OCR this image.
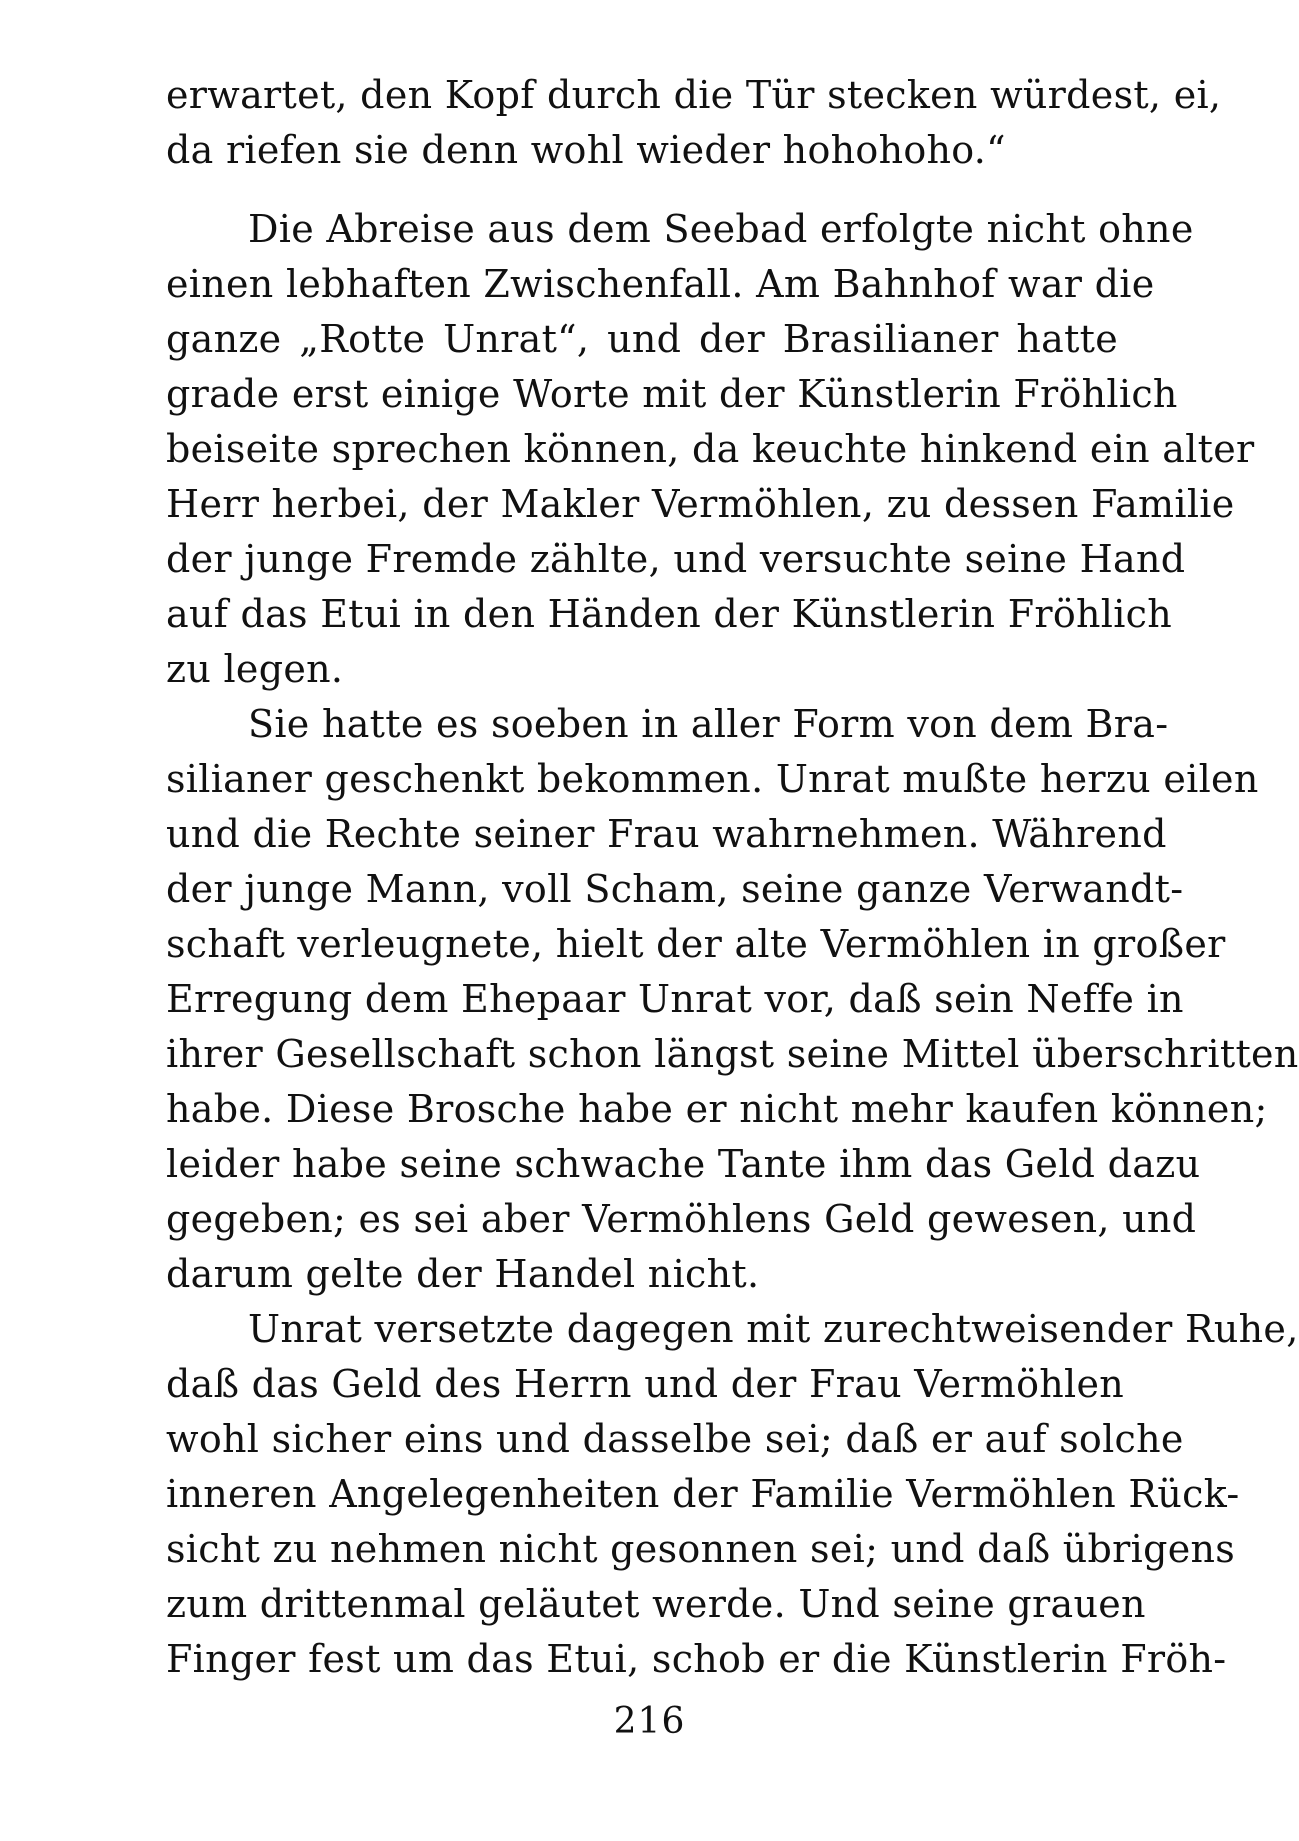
erwartet, den Kopf durch die Tür stecken würdest, ei,
da riefen sie denn wohl wieder hohohoho.“
Die Abreise aus dem Seebad erfolgte nicht ohne
einen lebhaften Zwischenfall. Am Bahnhof war die
ganze „Rotte Unrat“, und der Brasilianer hatte
grade erst einige Worte mit der Künstlerin Fröhlich
beiseite sprechen können, da keuchte hinkend ein alter
Herr herbei, der Makler Vermöhlen, zu dessen Familie
der junge Fremde zählte, und versuchte seine Hand
auf das Etui in den Händen der Künstlerin Fröhlich
zu legen.
Sie hatte es soeben in aller Form von dem Bra-
silianer geschenkt bekommen. Unrat mußte herzu eilen
und die Rechte seiner Frau wahrnehmen. Während
der junge Mann, voll Scham, seine ganze Verwandt-
schaft verleugnete, hielt der alte Vermöhlen in großer
Erregung dem Ehepaar Unrat vor, daß sein Neffe in
ihrer Gesellschaft schon längst seine Mittel überschritten
habe. Diese Brosche habe er nicht mehr kaufen können;
leider habe seine schwache Tante ihm das Geld dazu
gegeben; es sei aber Vermöhlens Geld gewesen, und
darum gelte der Handel nicht.
Unrat versetzte dagegen mit zurechtweisender Ruhe,
daß das Geld des Herrn und der Frau Vermöhlen
wohl sicher eins und dasselbe sei; daß er auf solche
inneren Angelegenheiten der Familie Vermöhlen Rück-
sicht zu nehmen nicht gesonnen sei; und daß übrigens
zum drittenmal geläutet werde. Und seine grauen
Finger fest um das Etui, schob er die Künstlerin Fröh-
216
